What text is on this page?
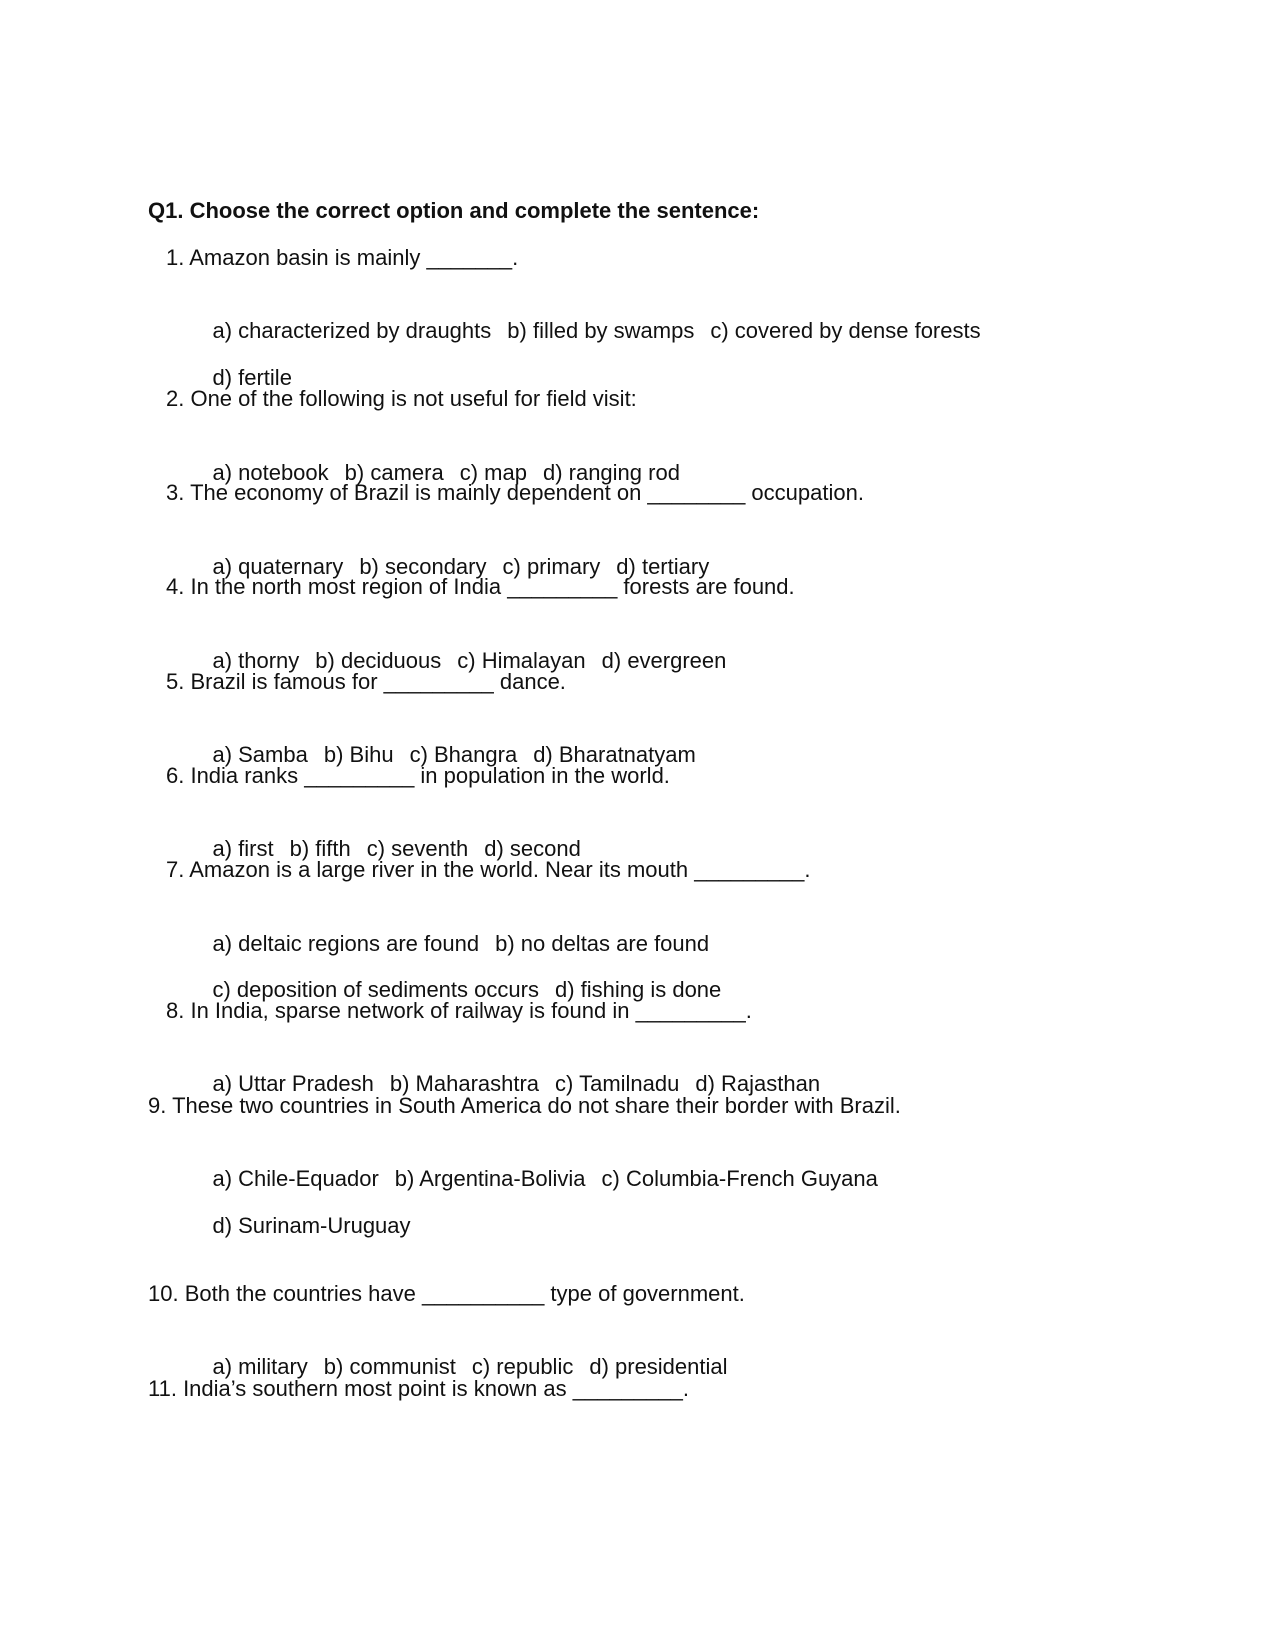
Q1. Choose the correct option and complete the sentence:
1. Amazon basin is mainly _______.

a) characterized by draughts b) filled by swamps c) covered by dense forests

d) fertile

2. One of the following is not useful for field visit:

a) notebook b) camera c) map d) ranging rod

3. The economy of Brazil is mainly dependent on ________ occupation.

a) quaternary b) secondary c) primary d) tertiary

4. In the north most region of India _________ forests are found.

a) thorny b) deciduous c) Himalayan d) evergreen

5. Brazil is famous for _________ dance.

a) Samba b) Bihu c) Bhangra d) Bharatnatyam

6. India ranks _________ in population in the world.

a) first b) fifth c) seventh d) second

7. Amazon is a large river in the world. Near its mouth _________.

a) deltaic regions are found b) no deltas are found

c) deposition of sediments occurs d) fishing is done

8. In India, sparse network of railway is found in _________.

a) Uttar Pradesh b) Maharashtra c) Tamilnadu d) Rajasthan

9. These two countries in South America do not share their border with Brazil.

a) Chile-Equador b) Argentina-Bolivia c) Columbia-French Guyana

d) Surinam-Uruguay

10. Both the countries have __________ type of government.

a) military b) communist c) republic d) presidential

11. India’s southern most point is known as _________.
